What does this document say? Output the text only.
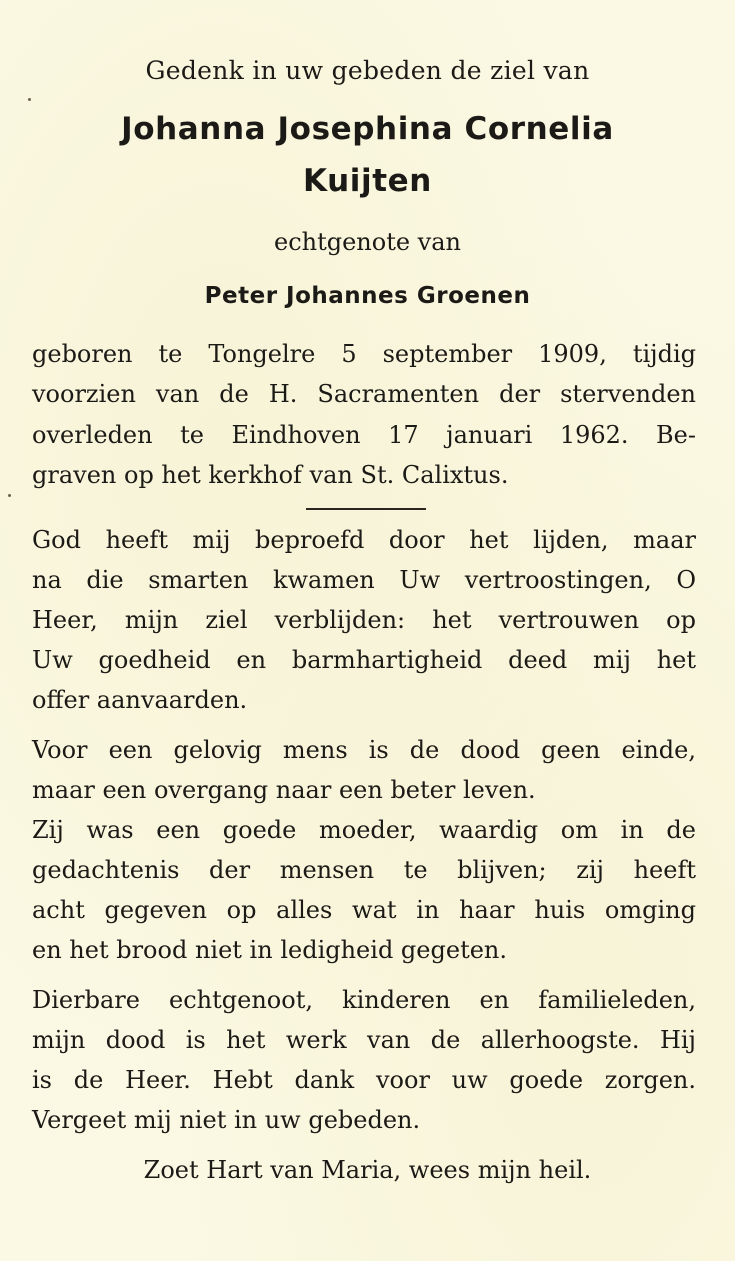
Gedenk in uw gebeden de ziel van
Johanna Josephina Cornelia
Kuijten
echtgenote van
Peter Johannes Groenen
geboren te Tongelre 5 september 1909, tijdig
voorzien van de H. Sacramenten der stervenden
overleden te Eindhoven 17 januari 1962. Be-
graven op het kerkhof van St. Calixtus.
God heeft mij beproefd door het lijden, maar
na die smarten kwamen Uw vertroostingen, O
Heer, mijn ziel verblijden: het vertrouwen op
Uw goedheid en barmhartigheid deed mij het
offer aanvaarden.
Voor een gelovig mens is de dood geen einde,
maar een overgang naar een beter leven.
Zij was een goede moeder, waardig om in de
gedachtenis der mensen te blijven; zij heeft
acht gegeven op alles wat in haar huis omging
en het brood niet in ledigheid gegeten.
Dierbare echtgenoot, kinderen en familieleden,
mijn dood is het werk van de allerhoogste. Hij
is de Heer. Hebt dank voor uw goede zorgen.
Vergeet mij niet in uw gebeden.
Zoet Hart van Maria, wees mijn heil.
